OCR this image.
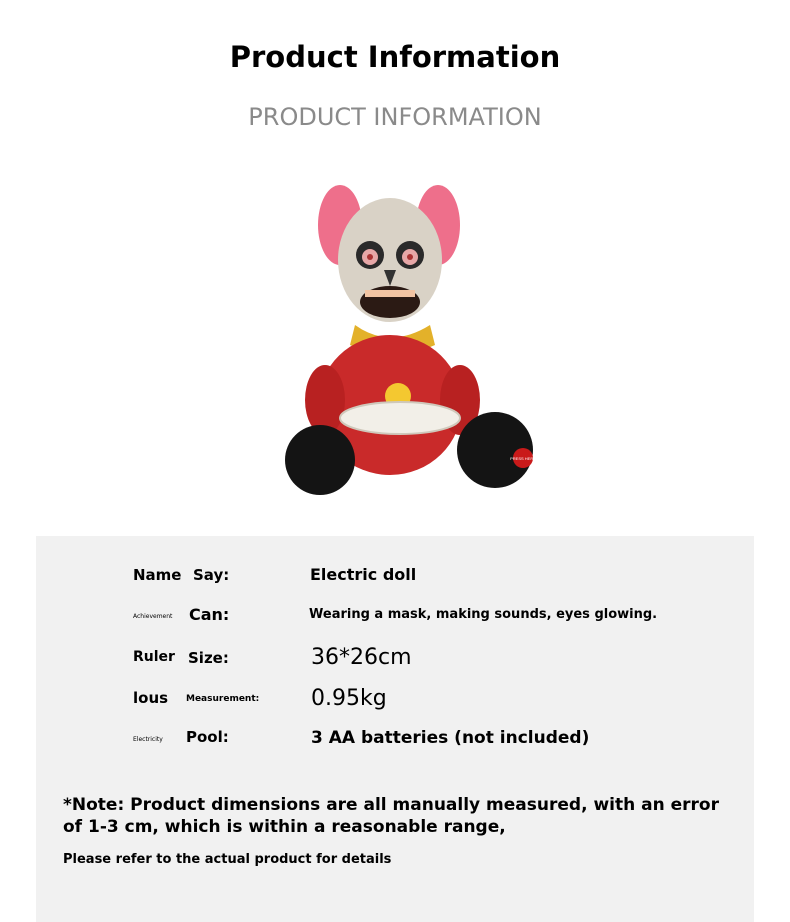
Product Information
PRODUCT INFORMATION
PRESS HERE
Name Say:	Electric doll
Achievement Can:	Wearing a mask, making sounds, eyes glowing.
Ruler Size:	36*26cm
lous Measurement: 0.95kg
Electricity Pool:	3 AA batteries (not included)
*Note: Product dimensions are all manually measured, with an error of 1-3 cm, which is within a reasonable range,
Please refer to the actual product for details
